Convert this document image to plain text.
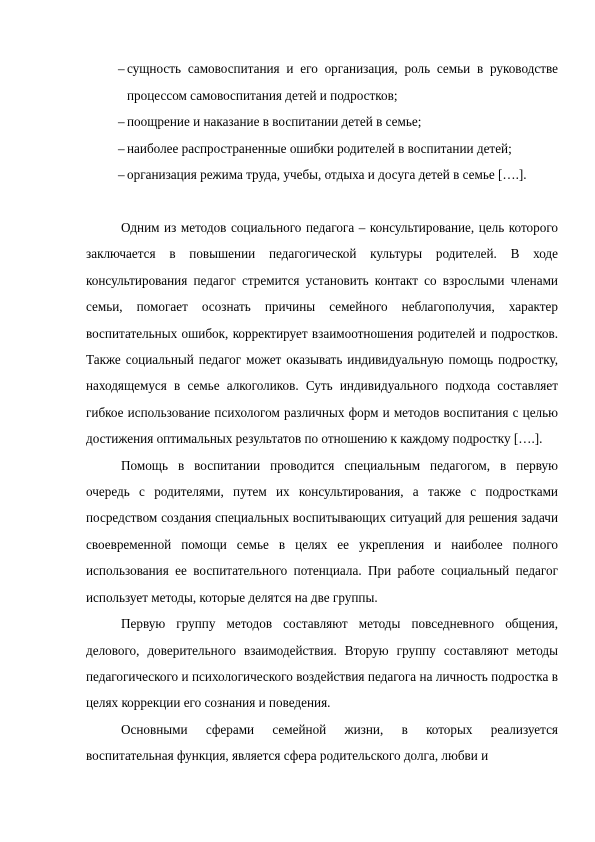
– сущность самовоспитания и его организация, роль семьи в руководстве процессом самовоспитания детей и подростков;

– поощрение и наказание в воспитании детей в семье;

– наиболее распространенные ошибки родителей в воспитании детей;

– организация режима труда, учебы, отдыха и досуга детей в семье [….].

Одним из методов социального педагога – консультирование, цель которого заключается в повышении педагогической культуры родителей. В ходе консультирования педагог стремится установить контакт со взрослыми членами семьи, помогает осознать причины семейного неблагополучия, характер воспитательных ошибок, корректирует взаимоотношения родителей и подростков. Также социальный педагог может оказывать индивидуальную помощь подростку, находящемуся в семье алкоголиков. Суть индивидуального подхода составляет гибкое использование психологом различных форм и методов воспитания с целью достижения оптимальных результатов по отношению к каждому подростку [….].

Помощь в воспитании проводится специальным педагогом, в первую очередь с родителями, путем их консультирования, а также с подростками посредством создания специальных воспитывающих ситуаций для решения задачи своевременной помощи семье в целях ее укрепления и наиболее полного использования ее воспитательного потенциала. При работе социальный педагог использует методы, которые делятся на две группы.

Первую группу методов составляют методы повседневного общения, делового, доверительного взаимодействия. Вторую группу составляют методы педагогического и психологического воздействия педагога на личность подростка в целях коррекции его сознания и поведения.

Основными сферами семейной жизни, в которых реализуется воспитательная функция, является сфера родительского долга, любви и
